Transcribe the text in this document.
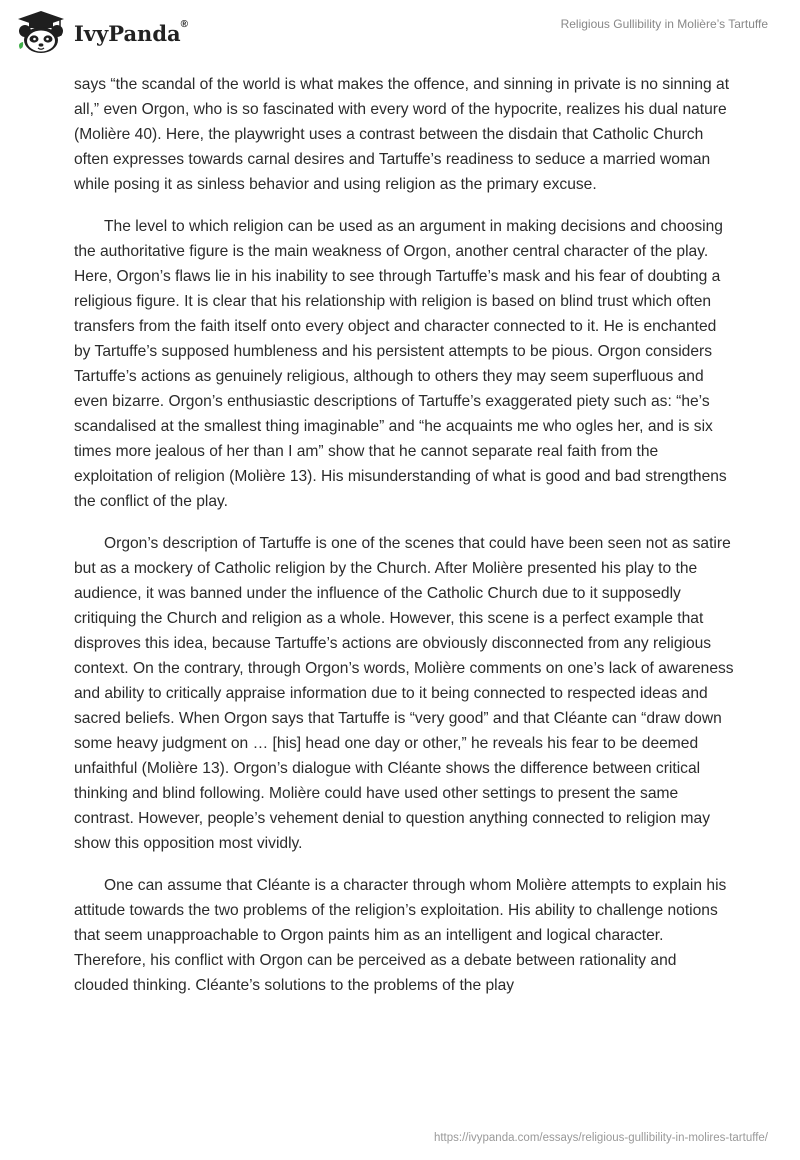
IvyPanda®	Religious Gullibility in Molière’s Tartuffe

says “the scandal of the world is what makes the offence, and sinning in private is no sinning at all,” even Orgon, who is so fascinated with every word of the hypocrite, realizes his dual nature (Molière 40). Here, the playwright uses a contrast between the disdain that Catholic Church often expresses towards carnal desires and Tartuffe’s readiness to seduce a married woman while posing it as sinless behavior and using religion as the primary excuse.

The level to which religion can be used as an argument in making decisions and choosing the authoritative figure is the main weakness of Orgon, another central character of the play. Here, Orgon’s flaws lie in his inability to see through Tartuffe’s mask and his fear of doubting a religious figure. It is clear that his relationship with religion is based on blind trust which often transfers from the faith itself onto every object and character connected to it. He is enchanted by Tartuffe’s supposed humbleness and his persistent attempts to be pious. Orgon considers Tartuffe’s actions as genuinely religious, although to others they may seem superfluous and even bizarre. Orgon’s enthusiastic descriptions of Tartuffe’s exaggerated piety such as: “he’s scandalised at the smallest thing imaginable” and “he acquaints me who ogles her, and is six times more jealous of her than I am” show that he cannot separate real faith from the exploitation of religion (Molière 13). His misunderstanding of what is good and bad strengthens the conflict of the play.

Orgon’s description of Tartuffe is one of the scenes that could have been seen not as satire but as a mockery of Catholic religion by the Church. After Molière presented his play to the audience, it was banned under the influence of the Catholic Church due to it supposedly critiquing the Church and religion as a whole. However, this scene is a perfect example that disproves this idea, because Tartuffe’s actions are obviously disconnected from any religious context. On the contrary, through Orgon’s words, Molière comments on one’s lack of awareness and ability to critically appraise information due to it being connected to respected ideas and sacred beliefs. When Orgon says that Tartuffe is “very good” and that Cléante can “draw down some heavy judgment on … [his] head one day or other,” he reveals his fear to be deemed unfaithful (Molière 13). Orgon’s dialogue with Cléante shows the difference between critical thinking and blind following. Molière could have used other settings to present the same contrast. However, people’s vehement denial to question anything connected to religion may show this opposition most vividly.

One can assume that Cléante is a character through whom Molière attempts to explain his attitude towards the two problems of the religion’s exploitation. His ability to challenge notions that seem unapproachable to Orgon paints him as an intelligent and logical character. Therefore, his conflict with Orgon can be perceived as a debate between rationality and clouded thinking. Cléante’s solutions to the problems of the play

https://ivypanda.com/essays/religious-gullibility-in-molires-tartuffe/
